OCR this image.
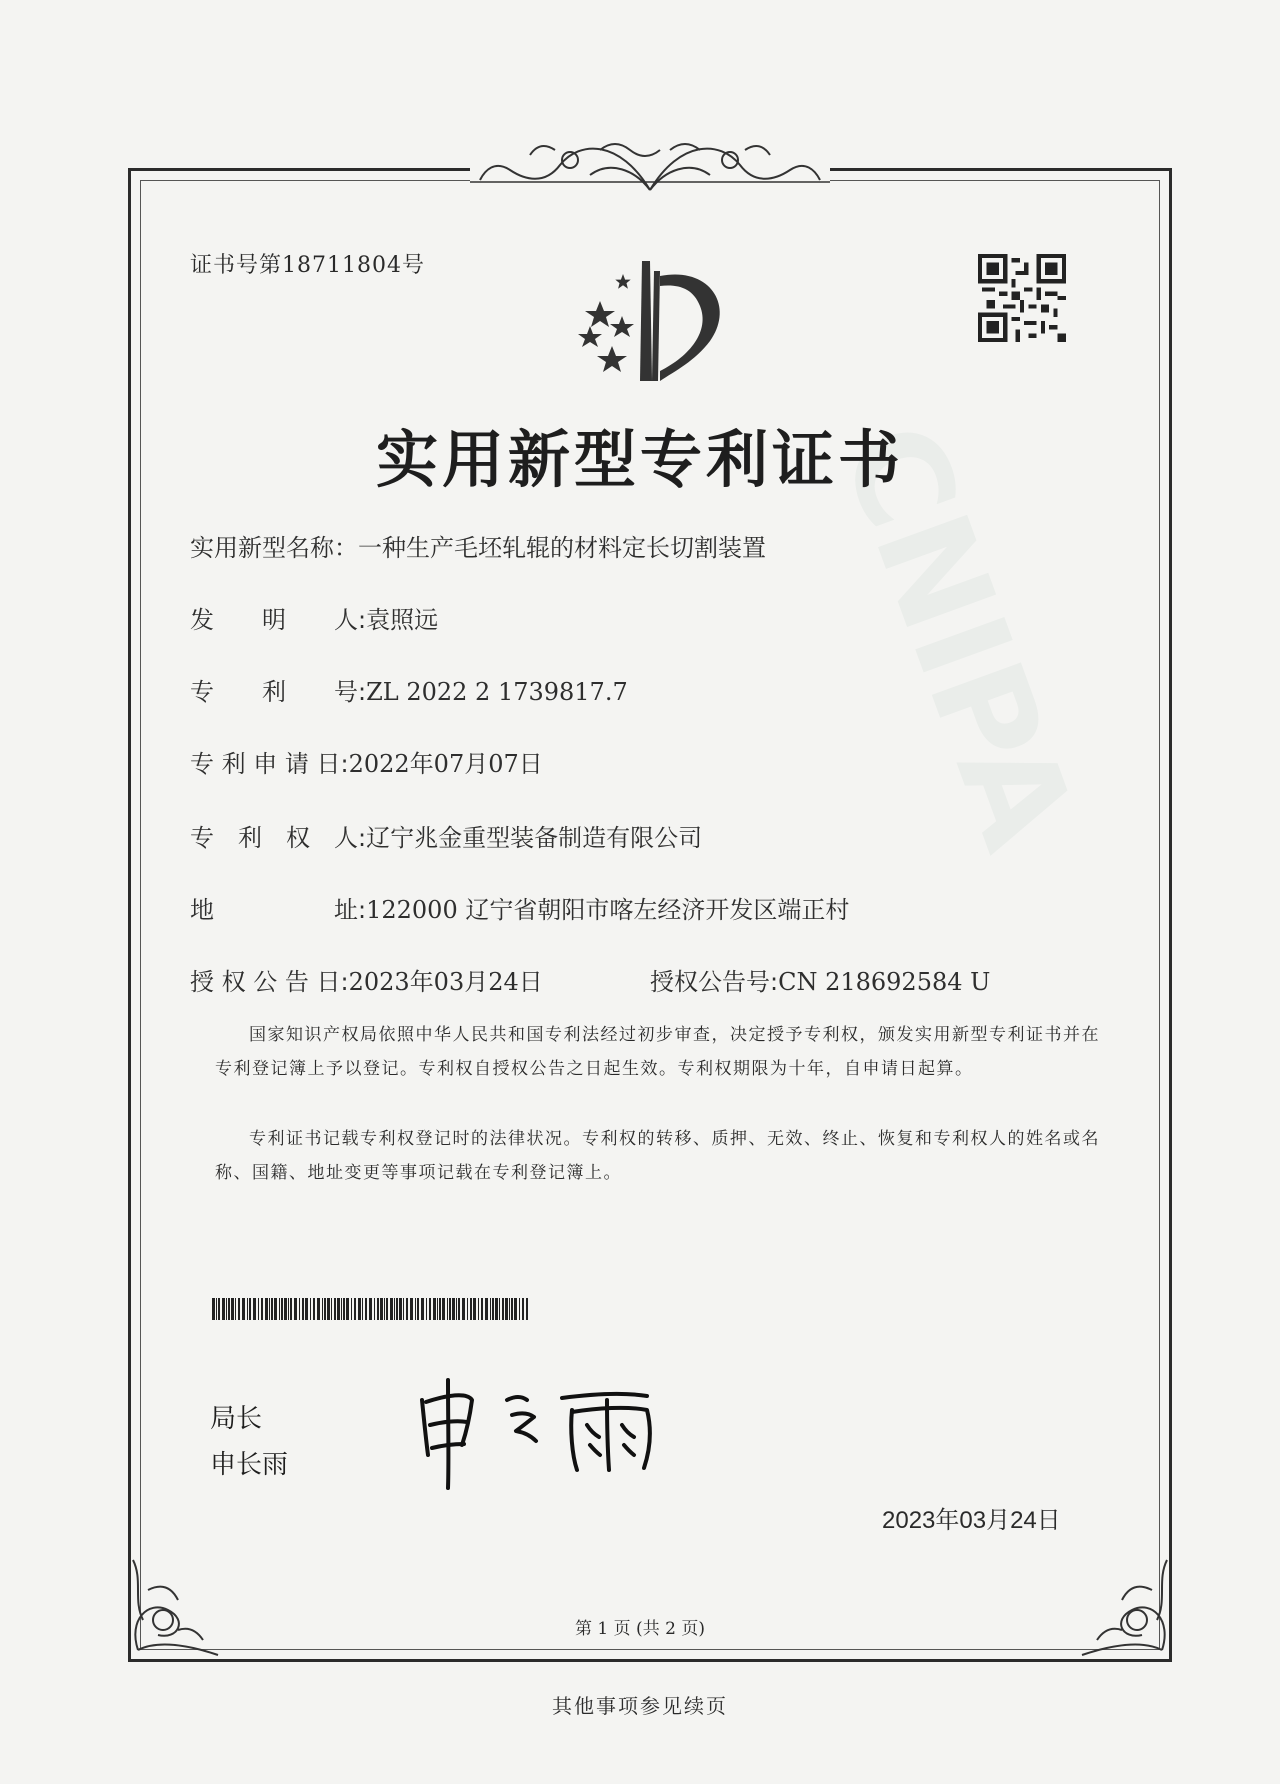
CNIPA
证书号第18711804号
实用新型专利证书
实用新型名称：一种生产毛坯轧辊的材料定长切割装置
发　　明　　人:袁照远
专　　利　　号:ZL 2022 2 1739817.7
专 利 申 请 日:2022年07月07日
专　利　权　人:辽宁兆金重型装备制造有限公司
地　　　　　址:122000 辽宁省朝阳市喀左经济开发区端正村
授 权 公 告 日:2023年03月24日	授权公告号:CN 218692584 U
国家知识产权局依照中华人民共和国专利法经过初步审查，决定授予专利权，颁发实用新型专利证书并在专利登记簿上予以登记。专利权自授权公告之日起生效。专利权期限为十年，自申请日起算。
专利证书记载专利权登记时的法律状况。专利权的转移、质押、无效、终止、恢复和专利权人的姓名或名称、国籍、地址变更等事项记载在专利登记簿上。
局长
申长雨
2023年03月24日
第 1 页 (共 2 页)
其他事项参见续页
